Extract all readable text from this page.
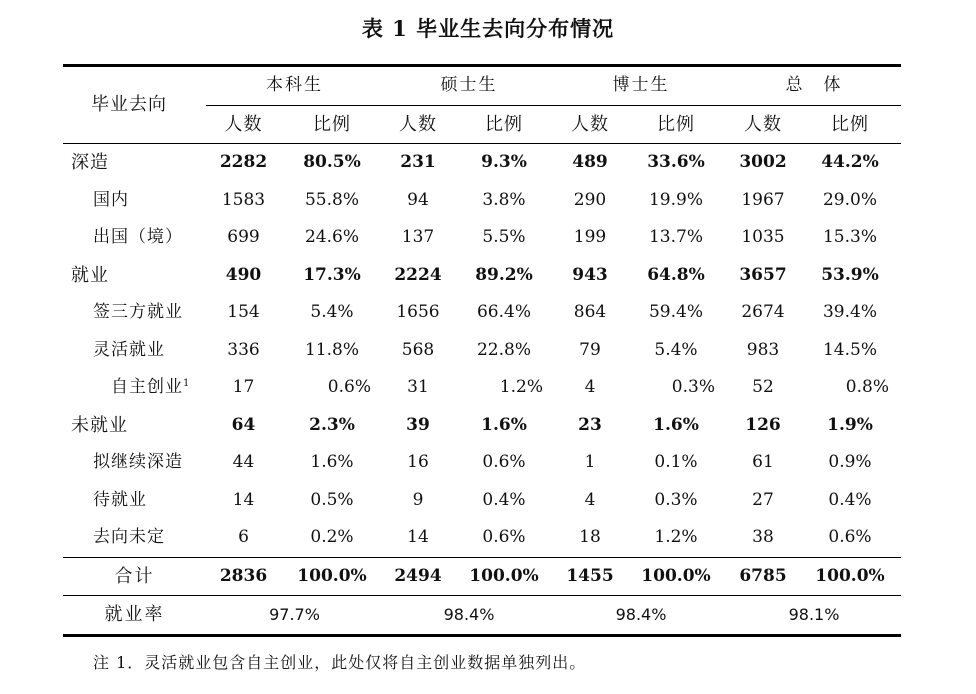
表 1 毕业生去向分布情况
毕业去向	本科生		硕士生		博士生		总　体	
	人数	比例	人数	比例	人数	比例	人数	比例
深造	2282	80.5%	231	9.3%	489	33.6%	3002	44.2%
国内	1583	55.8%	94	3.8%	290	19.9%	1967	29.0%
出国（境）	699	24.6%	137	5.5%	199	13.7%	1035	15.3%
就业	490	17.3%	2224	89.2%	943	64.8%	3657	53.9%
签三方就业	154	5.4%	1656	66.4%	864	59.4%	2674	39.4%
灵活就业	336	11.8%	568	22.8%	79	5.4%	983	14.5%
自主创业$^1$	17	0.6%	31	1.2%	4	0.3%	52	0.8%
未就业	64	2.3%	39	1.6%	23	1.6%	126	1.9%
拟继续深造	44	1.6%	16	0.6%	1	0.1%	61	0.9%
待就业	14	0.5%	9	0.4%	4	0.3%	27	0.4%
去向未定	6	0.2%	14	0.6%	18	1.2%	38	0.6%
合计	2836	100.0%	2494	100.0%	1455	100.0%	6785	100.0%
就业率	97.7%		98.4%		98.4%		98.1%	
注 1．灵活就业包含自主创业，此处仅将自主创业数据单独列出。
